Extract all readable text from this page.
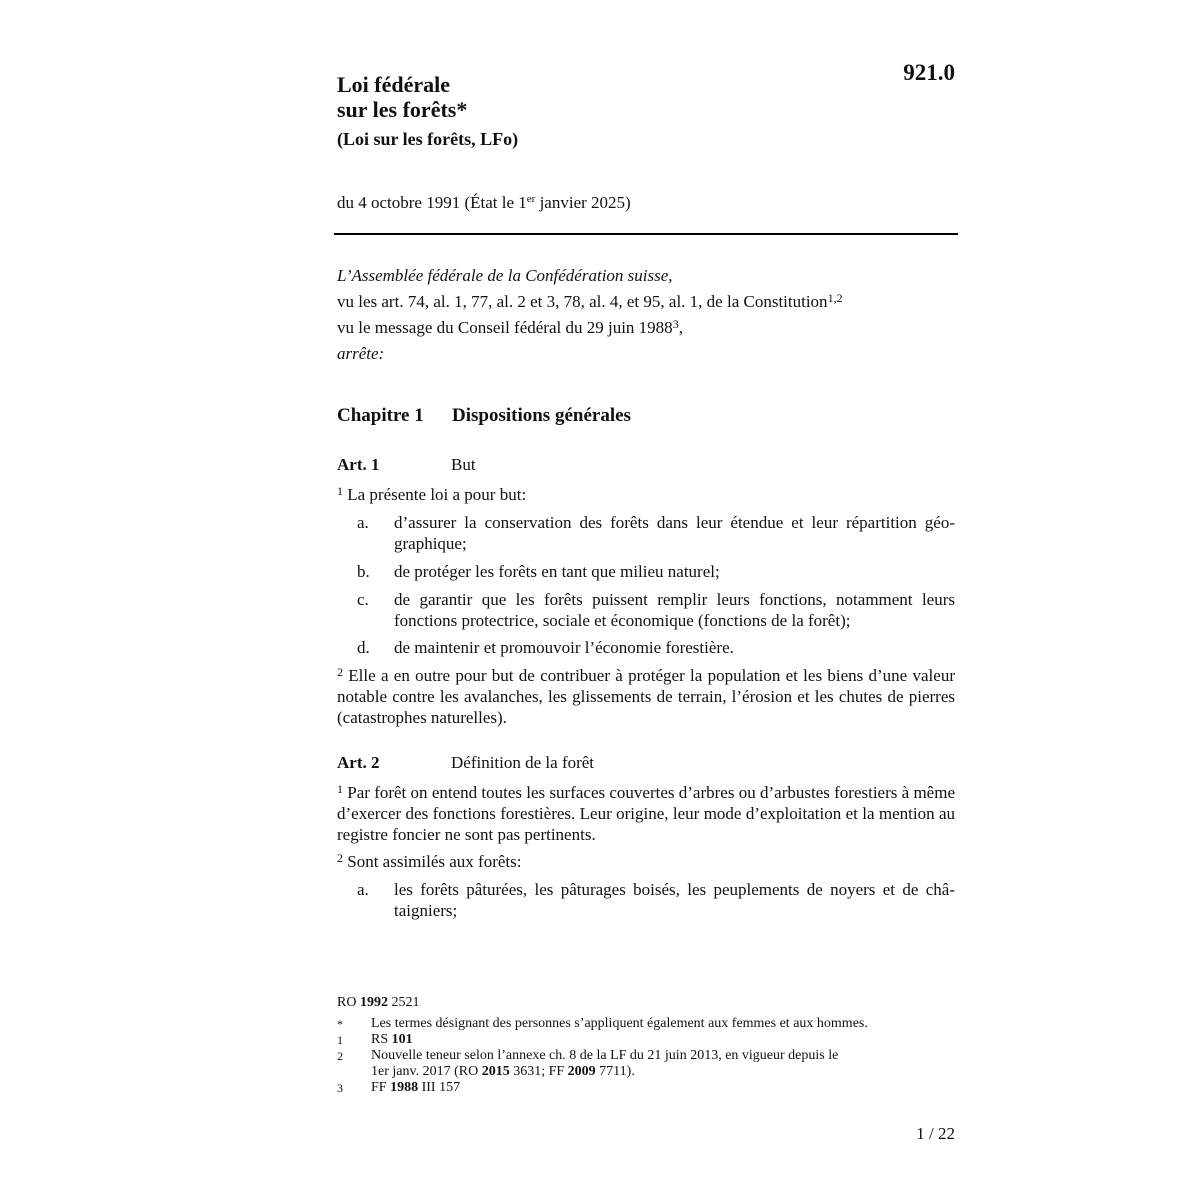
921.0
Loi fédérale
sur les forêts*
(Loi sur les forêts, LFo)
du 4 octobre 1991 (État le 1er janvier 2025)
L’Assemblée fédérale de la Confédération suisse,
vu les art. 74, al. 1, 77, al. 2 et 3, 78, al. 4, et 95, al. 1, de la Constitution$^{1,2}$
vu le message du Conseil fédéral du 29 juin 1988$^3$,
arrête:
Chapitre 1 Dispositions générales
Art. 1	But
$^1$ La présente loi a pour but:
a. d’assurer la conservation des forêts dans leur étendue et leur répartition géo-graphique;
b. de protéger les forêts en tant que milieu naturel;
c. de garantir que les forêts puissent remplir leurs fonctions, notamment leurs fonctions protectrice, sociale et économique (fonctions de la forêt);
d. de maintenir et promouvoir l’économie forestière.
$^2$ Elle a en outre pour but de contribuer à protéger la population et les biens d’une valeur notable contre les avalanches, les glissements de terrain, l’érosion et les chutes de pierres (catastrophes naturelles).
Art. 2	Définition de la forêt
$^1$ Par forêt on entend toutes les surfaces couvertes d’arbres ou d’arbustes forestiers à même d’exercer des fonctions forestières. Leur origine, leur mode d’exploitation et la mention au registre foncier ne sont pas pertinents.
$^2$ Sont assimilés aux forêts:
a. les forêts pâturées, les pâturages boisés, les peuplements de noyers et de châ-taigniers;
RO 1992 2521
* Les termes désignant des personnes s’appliquent également aux femmes et aux hommes.
1 RS 101
2 Nouvelle teneur selon l’annexe ch. 8 de la LF du 21 juin 2013, en vigueur depuis le
1er janv. 2017 (RO 2015 3631; FF 2009 7711).
3 FF 1988 III 157
1 / 22
